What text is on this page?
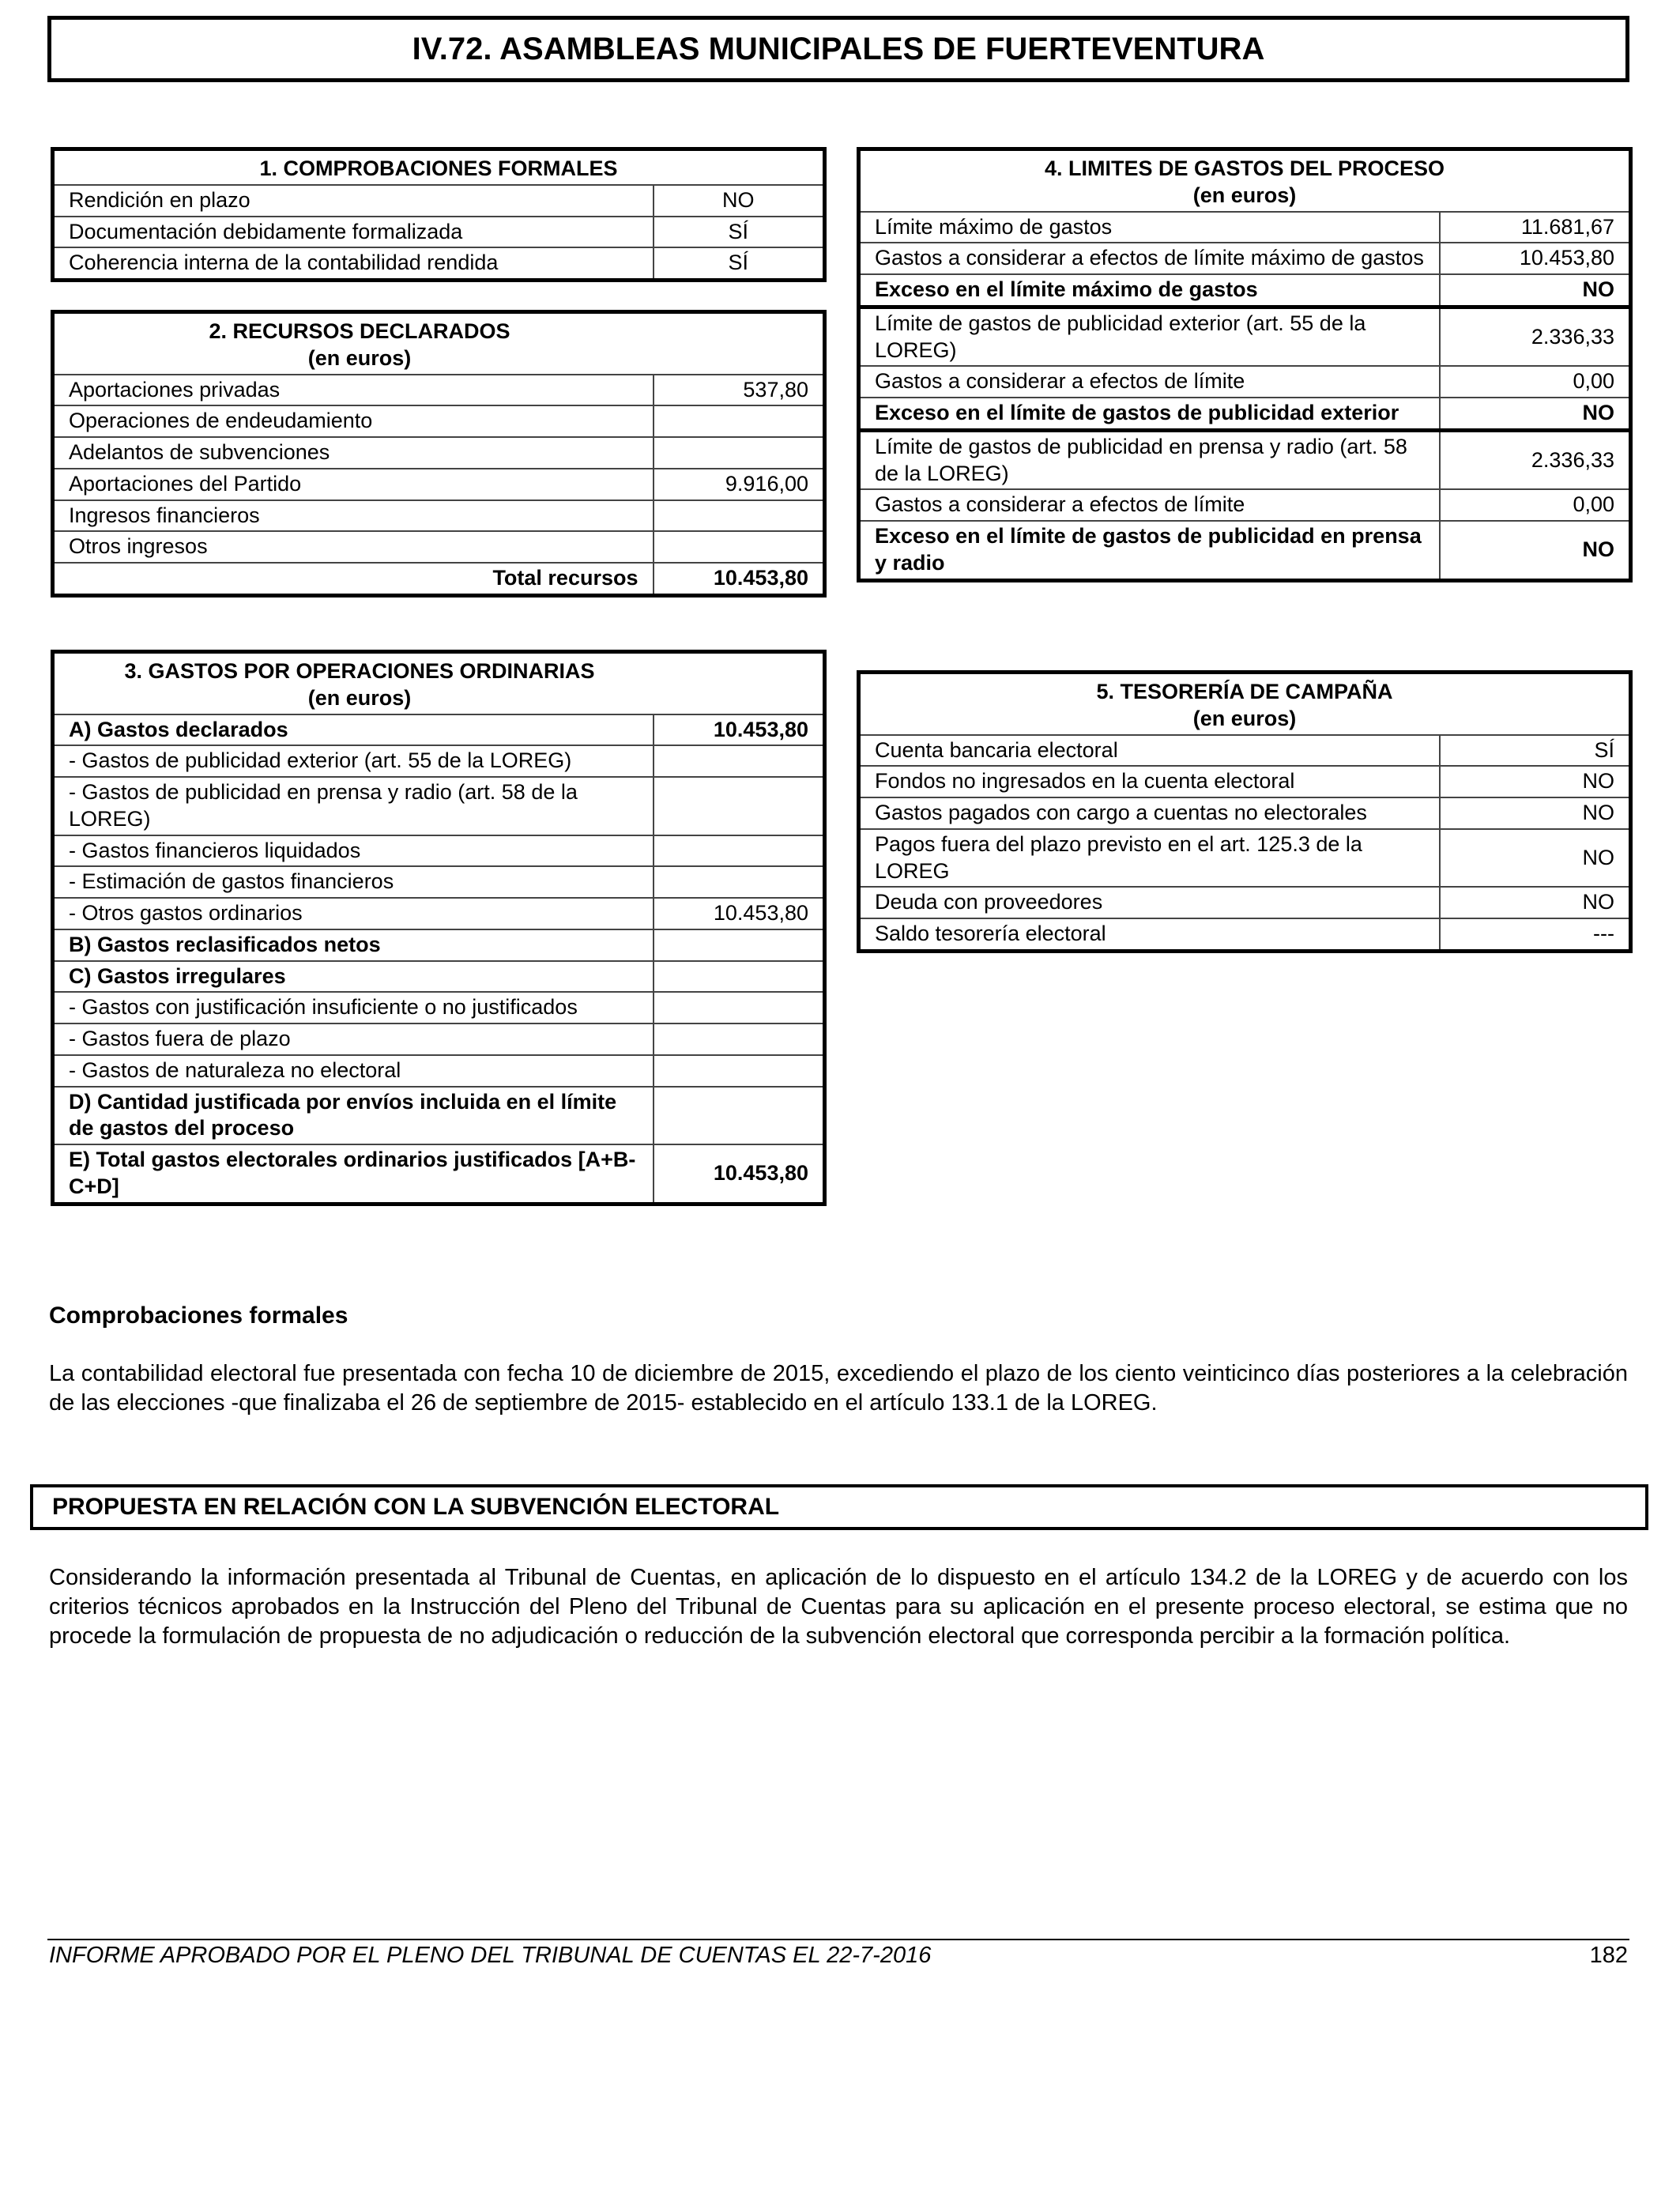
IV.72. ASAMBLEAS MUNICIPALES DE FUERTEVENTURA
1. COMPROBACIONES FORMALES	
Rendición en plazo	NO
Documentación debidamente formalizada	SÍ
Coherencia interna de la contabilidad rendida	SÍ
2. RECURSOS DECLARADOS
(en euros)	

Aportaciones privadas	537,80
Operaciones de endeudamiento	
Adelantos de subvenciones	
Aportaciones del Partido	9.916,00
Ingresos financieros	
Otros ingresos	
Total recursos	10.453,80
3. GASTOS POR OPERACIONES ORDINARIAS
(en euros)	

A) Gastos declarados	10.453,80
- Gastos de publicidad exterior (art. 55 de la LOREG)	
- Gastos de publicidad en prensa y radio (art. 58 de la LOREG)	
- Gastos financieros liquidados	
- Estimación de gastos financieros	
- Otros gastos ordinarios	10.453,80
B) Gastos reclasificados netos	
C) Gastos irregulares	
- Gastos con justificación insuficiente o no justificados	
- Gastos fuera de plazo	
- Gastos de naturaleza no electoral	
D) Cantidad justificada por envíos incluida en el límite de gastos del proceso	
E) Total gastos electorales ordinarios justificados [A+B-C+D]	10.453,80
4. LIMITES DE GASTOS DEL PROCESO
(en euros)	

Límite máximo de gastos	11.681,67
Gastos a considerar a efectos de límite máximo de gastos	10.453,80
Exceso en el límite máximo de gastos	NO
Límite de gastos de publicidad exterior (art. 55 de la LOREG)	2.336,33
Gastos a considerar a efectos de límite	0,00
Exceso en el límite de gastos de publicidad exterior	NO
Límite de gastos de publicidad en prensa y radio (art. 58 de la LOREG)	2.336,33
Gastos a considerar a efectos de límite	0,00
Exceso en el límite de gastos de publicidad en prensa y radio	NO
5. TESORERÍA DE CAMPAÑA
(en euros)	

Cuenta bancaria electoral	SÍ
Fondos no ingresados en la cuenta electoral	NO
Gastos pagados con cargo a cuentas no electorales	NO
Pagos fuera del plazo previsto en el art. 125.3 de la LOREG	NO
Deuda con proveedores	NO
Saldo tesorería electoral	---
Comprobaciones formales
La contabilidad electoral fue presentada con fecha 10 de diciembre de 2015, excediendo el plazo de los ciento veinticinco días posteriores a la celebración de las elecciones -que finalizaba el 26 de septiembre de 2015- establecido en el artículo 133.1 de la LOREG.
PROPUESTA EN RELACIÓN CON LA SUBVENCIÓN ELECTORAL
Considerando la información presentada al Tribunal de Cuentas, en aplicación de lo dispuesto en el artículo 134.2 de la LOREG y de acuerdo con los criterios técnicos aprobados en la Instrucción del Pleno del Tribunal de Cuentas para su aplicación en el presente proceso electoral, se estima que no procede la formulación de propuesta de no adjudicación o reducción de la subvención electoral que corresponda percibir a la formación política.
INFORME APROBADO POR EL PLENO DEL TRIBUNAL DE CUENTAS EL 22-7-2016	182
